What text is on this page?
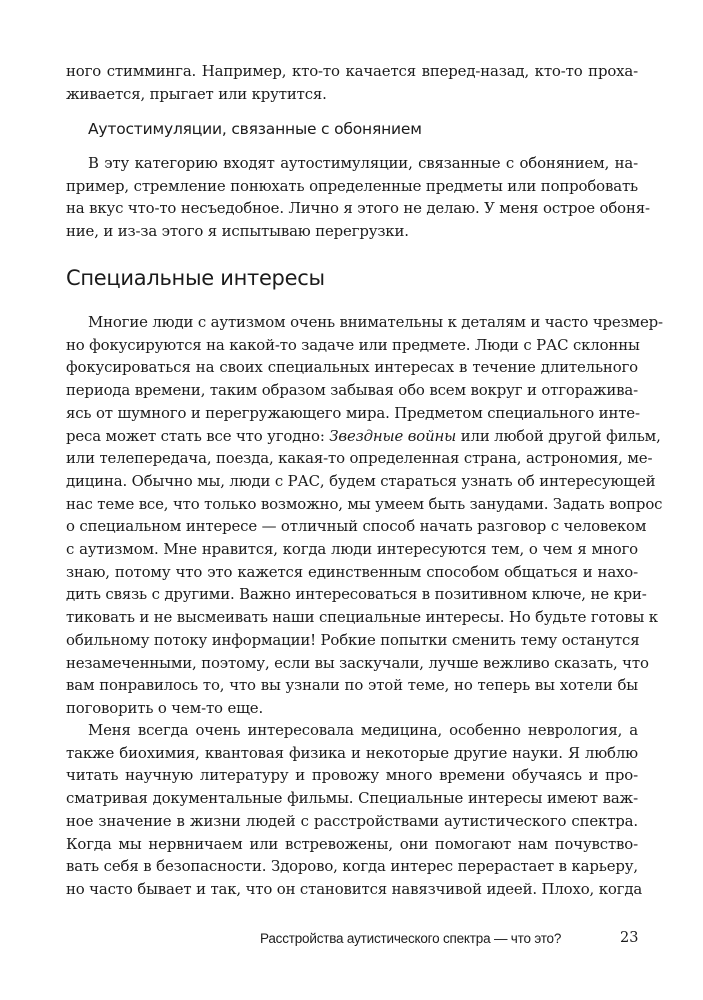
ного стимминга. Например, кто-то качается вперед-назад, кто-то проха-
живается, прыгает или крутится.
Аутостимуляции, связанные с обонянием
В эту категорию входят аутостимуляции, связанные с обонянием, на-
пример, стремление понюхать определенные предметы или попробовать
на вкус что-то несъедобное. Лично я этого не делаю. У меня острое обоня-
ние, и из-за этого я испытываю перегрузки.
Специальные интересы
Многие люди с аутизмом очень внимательны к деталям и часто чрезмер-
но фокусируются на какой-то задаче или предмете. Люди с РАС склонны
фокусироваться на своих специальных интересах в течение длительного
периода времени, таким образом забывая обо всем вокруг и отгоражива-
ясь от шумного и перегружающего мира. Предметом специального инте-
реса может стать все что угодно: Звездные войны или любой другой фильм,
или телепередача, поезда, какая-то определенная страна, астрономия, ме-
дицина. Обычно мы, люди с РАС, будем стараться узнать об интересующей
нас теме все, что только возможно, мы умеем быть занудами. Задать вопрос
о специальном интересе — отличный способ начать разговор с человеком
с аутизмом. Мне нравится, когда люди интересуются тем, о чем я много
знаю, потому что это кажется единственным способом общаться и нахо-
дить связь с другими. Важно интересоваться в позитивном ключе, не кри-
тиковать и не высмеивать наши специальные интересы. Но будьте готовы к
обильному потоку информации! Робкие попытки сменить тему останутся
незамеченными, поэтому, если вы заскучали, лучше вежливо сказать, что
вам понравилось то, что вы узнали по этой теме, но теперь вы хотели бы
поговорить о чем-то еще.
Меня всегда очень интересовала медицина, особенно неврология, а
также биохимия, квантовая физика и некоторые другие науки. Я люблю
читать научную литературу и провожу много времени обучаясь и про-
сматривая документальные фильмы. Специальные интересы имеют важ-
ное значение в жизни людей с расстройствами аутистического спектра.
Когда мы нервничаем или встревожены, они помогают нам почувство-
вать себя в безопасности. Здорово, когда интерес перерастает в карьеру,
но часто бывает и так, что он становится навязчивой идеей. Плохо, когда
Расстройства аутистического спектра — что это?	23
